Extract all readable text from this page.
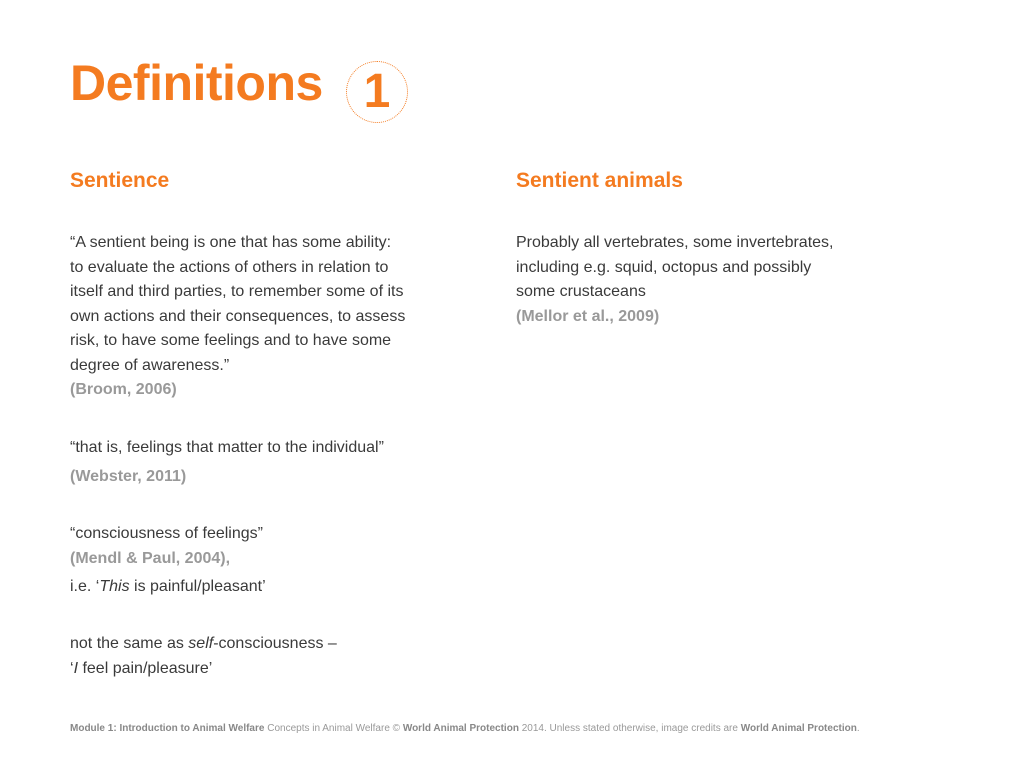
Definitions 1
Sentience

“A sentient being is one that has some ability:

to evaluate the actions of others in relation to

itself and third parties, to remember some of its

own actions and their consequences, to assess

risk, to have some feelings and to have some

degree of awareness.”

(Broom, 2006)

“that is, feelings that matter to the individual”

(Webster, 2011)

“consciousness of feelings”

(Mendl & Paul, 2004),

i.e. ‘This is painful/pleasant’

not the same as self-consciousness –

‘I feel pain/pleasure’

Sentient animals

Probably all vertebrates, some invertebrates,

including e.g. squid, octopus and possibly

some crustaceans

(Mellor et al., 2009)

Module 1: Introduction to Animal Welfare Concepts in Animal Welfare © World Animal Protection 2014. Unless stated otherwise, image credits are World Animal Protection.
